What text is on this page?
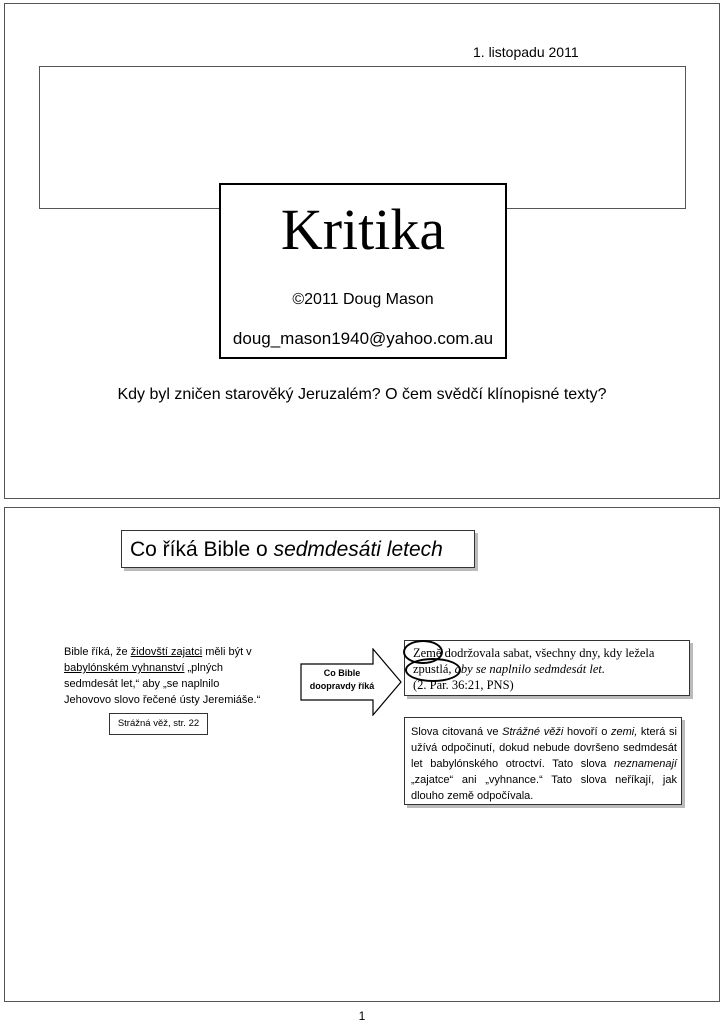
1. listopadu 2011
Kritika
©2011 Doug Mason
doug_mason1940@yahoo.com.au
Kdy byl zničen starověký Jeruzalém? O čem svědčí klínopisné texty?
Co říká Bible o sedmdesáti letech
Bible říká, že židovští zajatci měli být v babylónském vyhnanství „plných sedmdesát let,“ aby „se naplnilo Jehovovo slovo řečené ústy Jeremiáše.“
Strážná věž, str. 22
Co Bible doopravdy říká
Země dodržovala sabat, všechny dny, kdy ležela zpustlá, aby se naplnilo sedmdesát let.
(2. Par. 36:21, PNS)
Slova citovaná ve Strážné věži hovoří o zemi, která si užívá odpočinutí, dokud nebude dovršeno sedmdesát let babylónského otroctví. Tato slova neznamenají „zajatce“ ani „vyhnance.“ Tato slova neříkají, jak dlouho země odpočívala.
1
